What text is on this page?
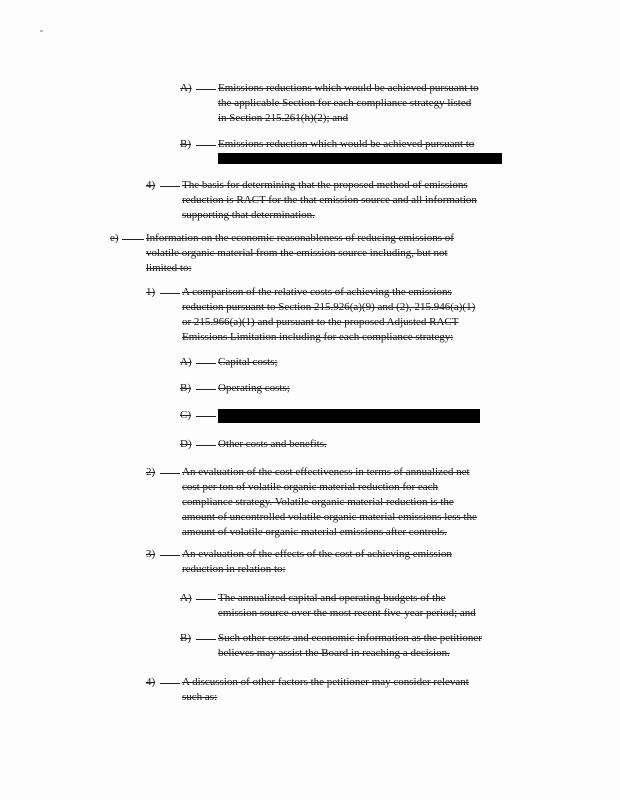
A) Emissions reductions which would be achieved pursuant to
the applicable Section for each compliance strategy listed
in Section 215.261(h)(2); and
B) Emissions reduction which would be achieved pursuant to
4) The basis for determining that the proposed method of emissions
reduction is RACT for the that emission source and all information
supporting that determination.
e) Information on the economic reasonableness of reducing emissions of
volatile organic material from the emission source including, but not
limited to:
1) A comparison of the relative costs of achieving the emissions
reduction pursuant to Section 215.926(a)(9) and (2), 215.946(a)(1)
or 215.966(a)(1) and pursuant to the proposed Adjusted RACT
Emissions Limitation including for each compliance strategy:
A) Capital costs;
B) Operating costs;
C)
D) Other costs and benefits.
2) An evaluation of the cost effectiveness in terms of annualized net
cost per ton of volatile organic material reduction for each
compliance strategy. Volatile organic material reduction is the
amount of uncontrolled volatile organic material emissions less the
amount of volatile organic material emissions after controls.
3) An evaluation of the effects of the cost of achieving emission
reduction in relation to:
A) The annualized capital and operating budgets of the
emission source over the most recent five-year period; and
B) Such other costs and economic information as the petitioner
believes may assist the Board in reaching a decision.
4) A discussion of other factors the petitioner may consider relevant
such as:
